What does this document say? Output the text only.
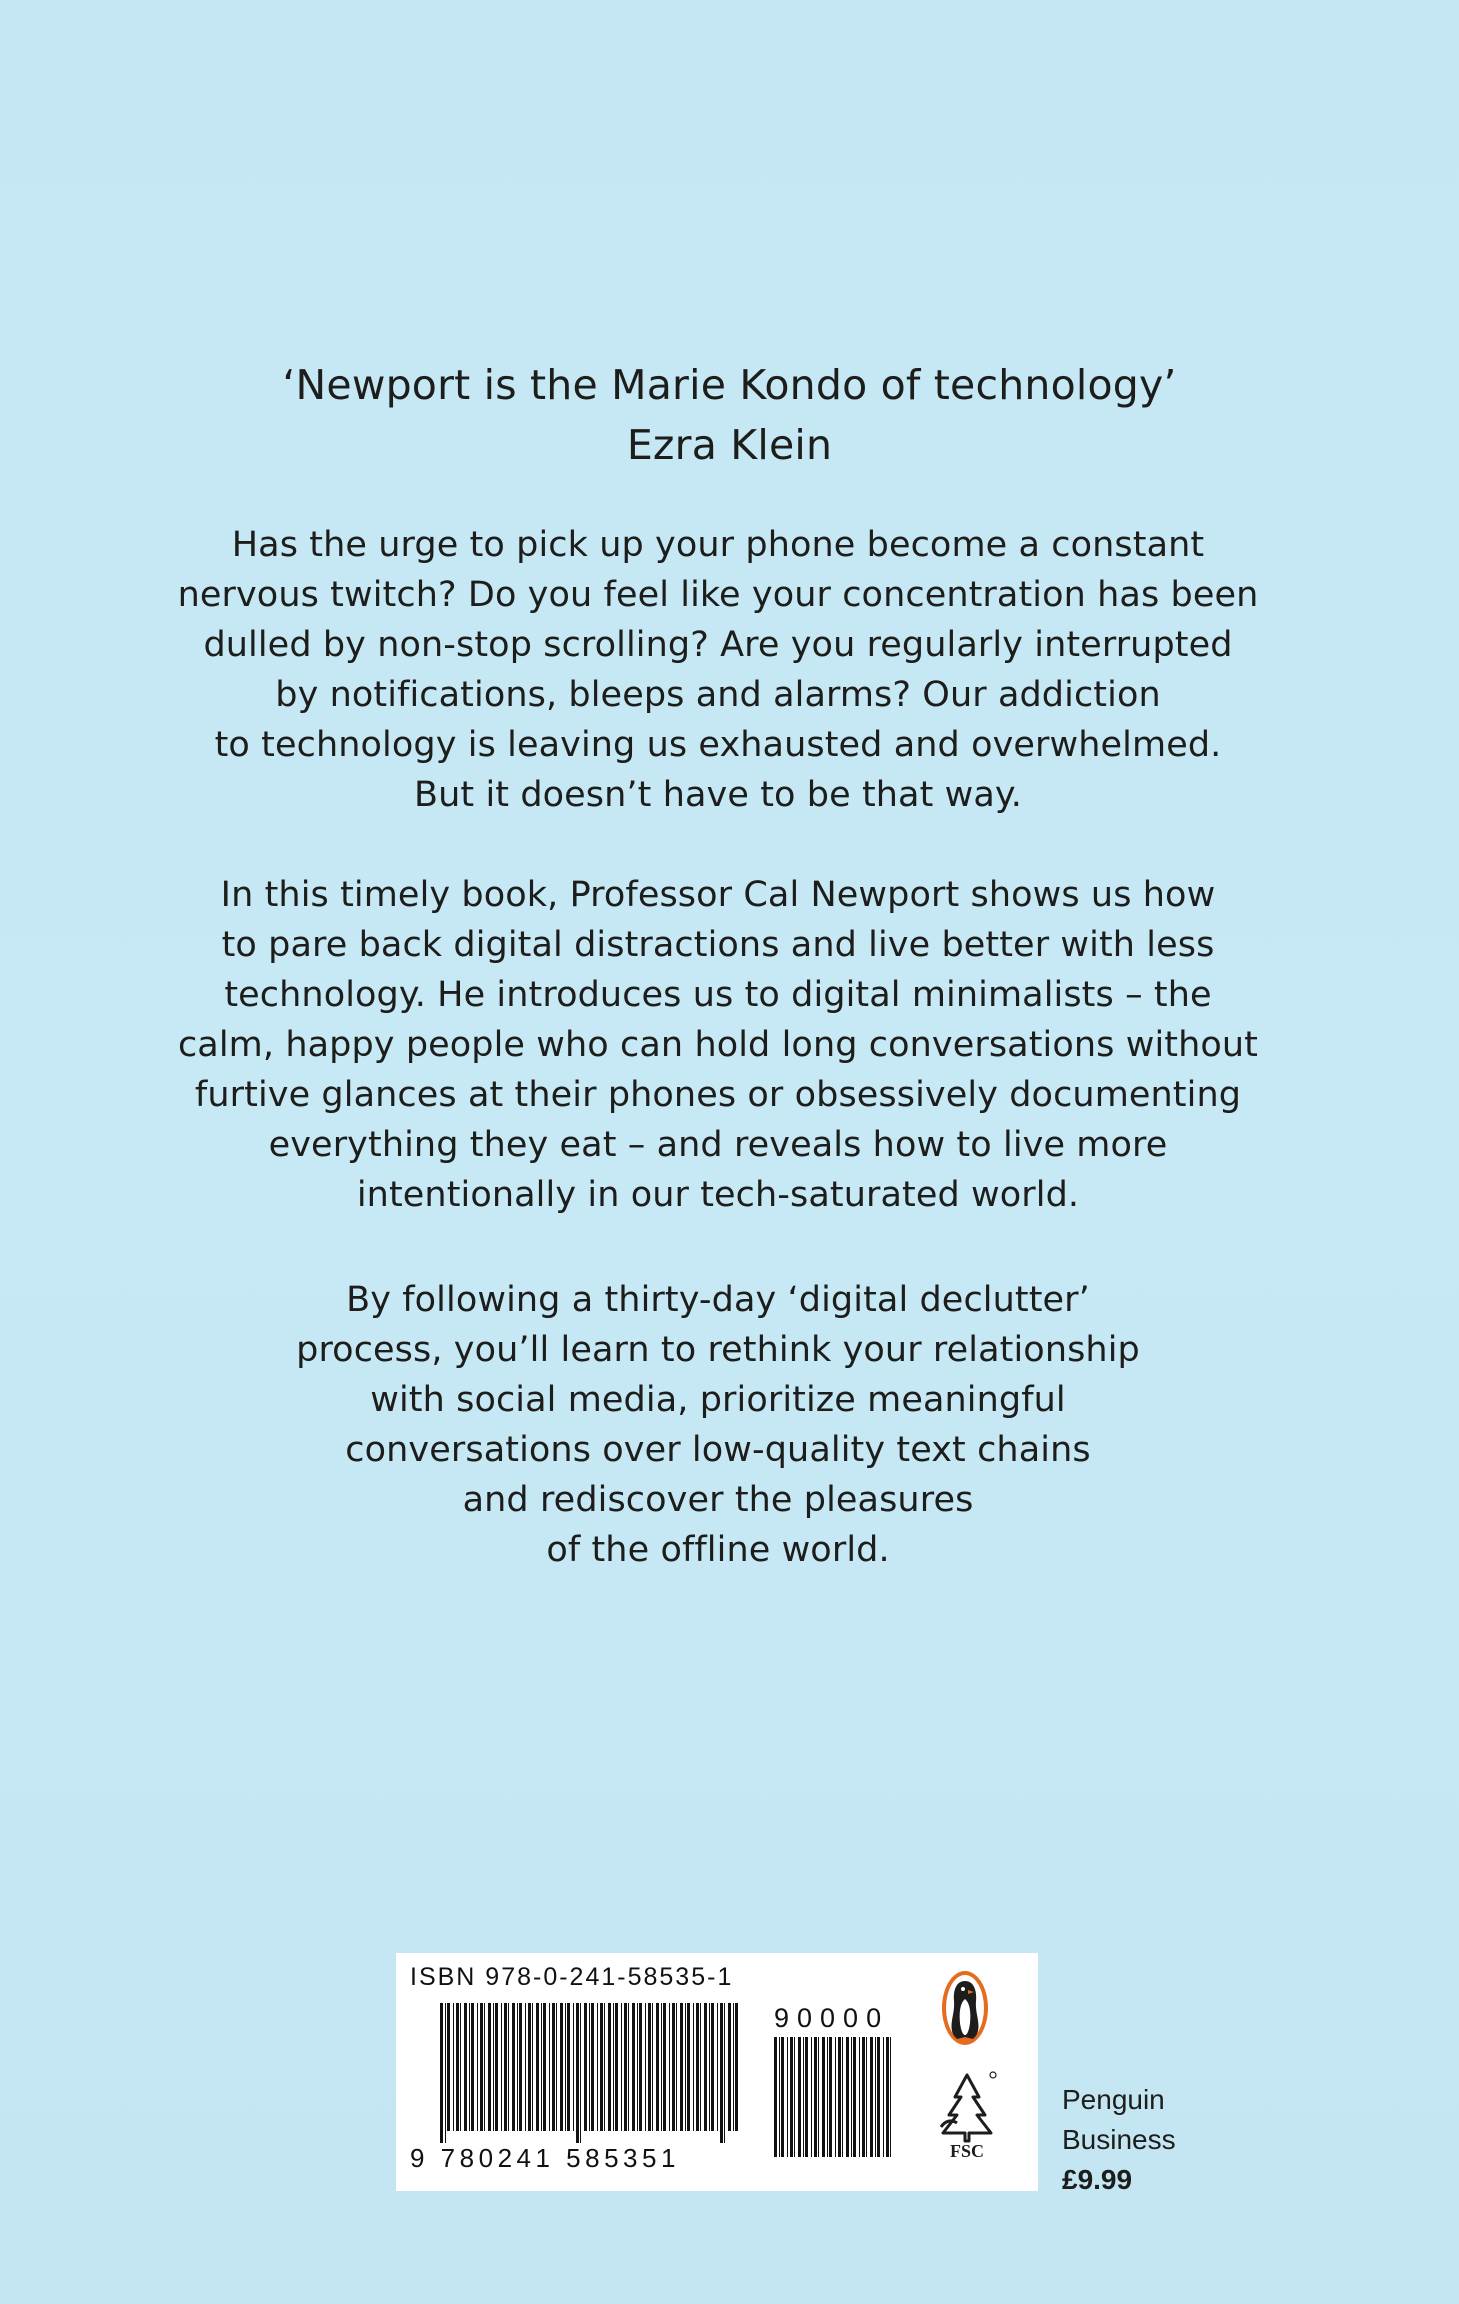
‘Newport is the Marie Kondo of technology’
Ezra Klein
Has the urge to pick up your phone become a constant
nervous twitch? Do you feel like your concentration has been
dulled by non-stop scrolling? Are you regularly interrupted
by notifications, bleeps and alarms? Our addiction
to technology is leaving us exhausted and overwhelmed.
But it doesn’t have to be that way.
In this timely book, Professor Cal Newport shows us how
to pare back digital distractions and live better with less
technology. He introduces us to digital minimalists – the
calm, happy people who can hold long conversations without
furtive glances at their phones or obsessively documenting
everything they eat – and reveals how to live more
intentionally in our tech-saturated world.
By following a thirty-day ‘digital declutter’
process, you’ll learn to rethink your relationship
with social media, prioritize meaningful
conversations over low-quality text chains
and rediscover the pleasures
of the offline world.
ISBN 978-0-241-58535-1
9 780241 585351
90000
FSC
Penguin
Business
£9.99
